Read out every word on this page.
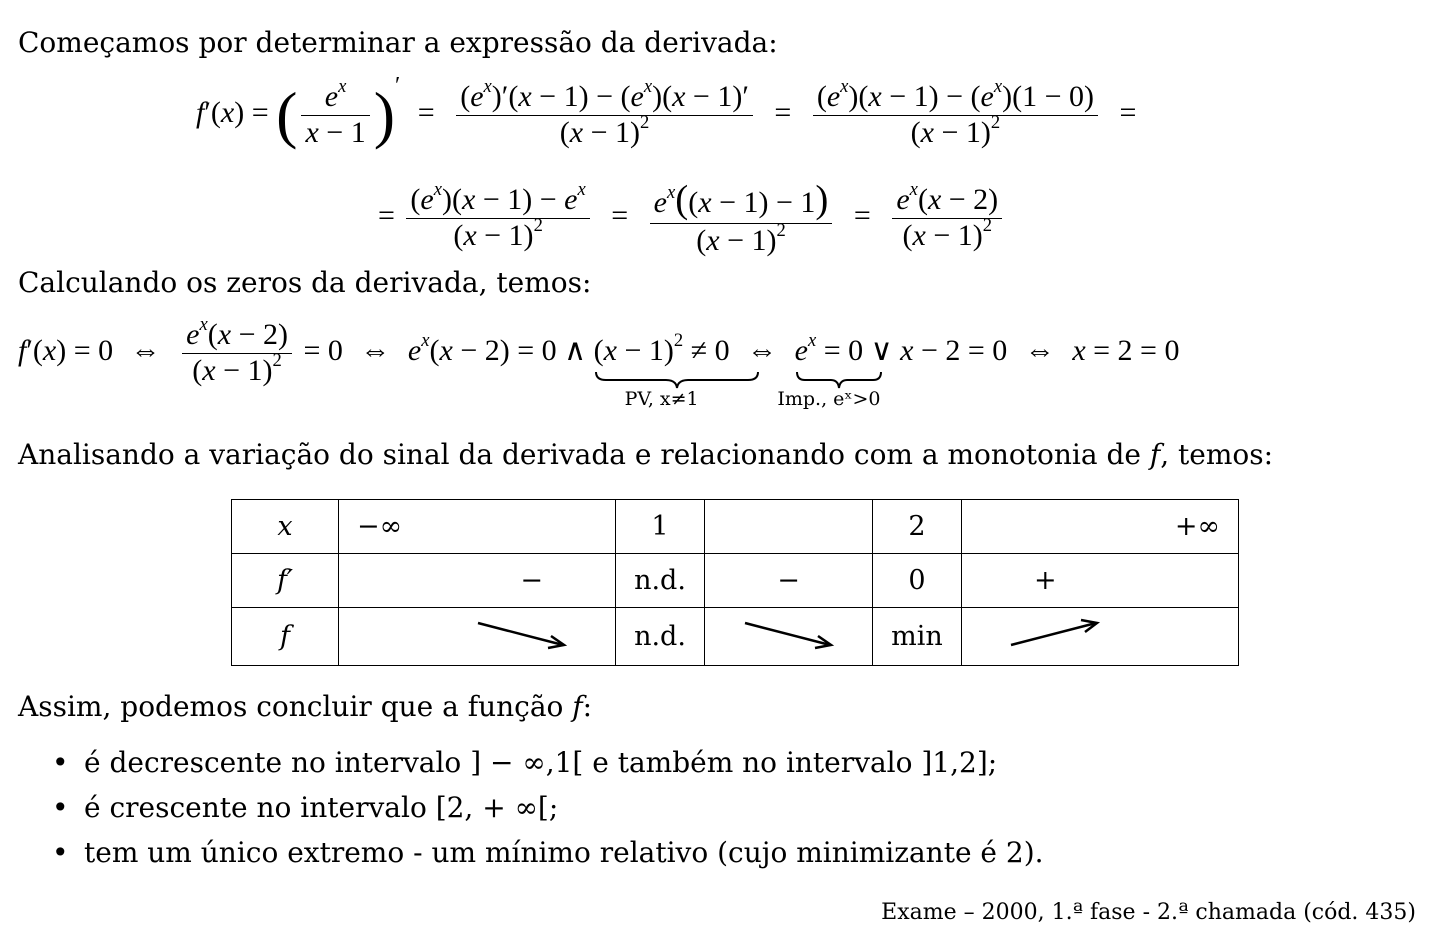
Começamos por determinar a expressão da derivada:
f′(x) = ( $\frac{e^x}{x - 1} )' = \frac{(e^x)'(x - 1) - (e^x)(x - 1)'}{(x - 1)^2} = \frac{(e^x)(x - 1) - (e^x)(1 - 0)}{(x - 1)^2}$ =
= $\frac{(e^x)(x - 1) - e^x}{(x - 1)^2} = \frac{e^x((x - 1) - 1)}{(x - 1)^2} = \frac{e^x(x - 2)}{(x - 1)^2}$
Calculando os zeros da derivada, temos:
f′(x) = 0 ⇔ $\frac{e^x(x - 2)}{(x - 1)^2} = 0$ ⇔ $e^x(x - 2) = 0$ ∧ $(x - 1)^2 \ne 0$
PV, x≠1
⇔ $e^x = 0$
Imp., eˣ>0
∨ x − 2 = 0 ⇔ x = 2 = 0
Analisando a variação do sinal da derivada e relacionando com a monotonia de f, temos:
x	−∞	1		2	+∞
f′	−	n.d.	−	0	+
f		n.d.		min	
Assim, podemos concluir que a função f:
• é decrescente no intervalo ] − ∞,1[ e também no intervalo ]1,2];
• é crescente no intervalo [2, + ∞[;
• tem um único extremo - um mínimo relativo (cujo minimizante é 2).
Exame – 2000, 1.ª fase - 2.ª chamada (cód. 435)
